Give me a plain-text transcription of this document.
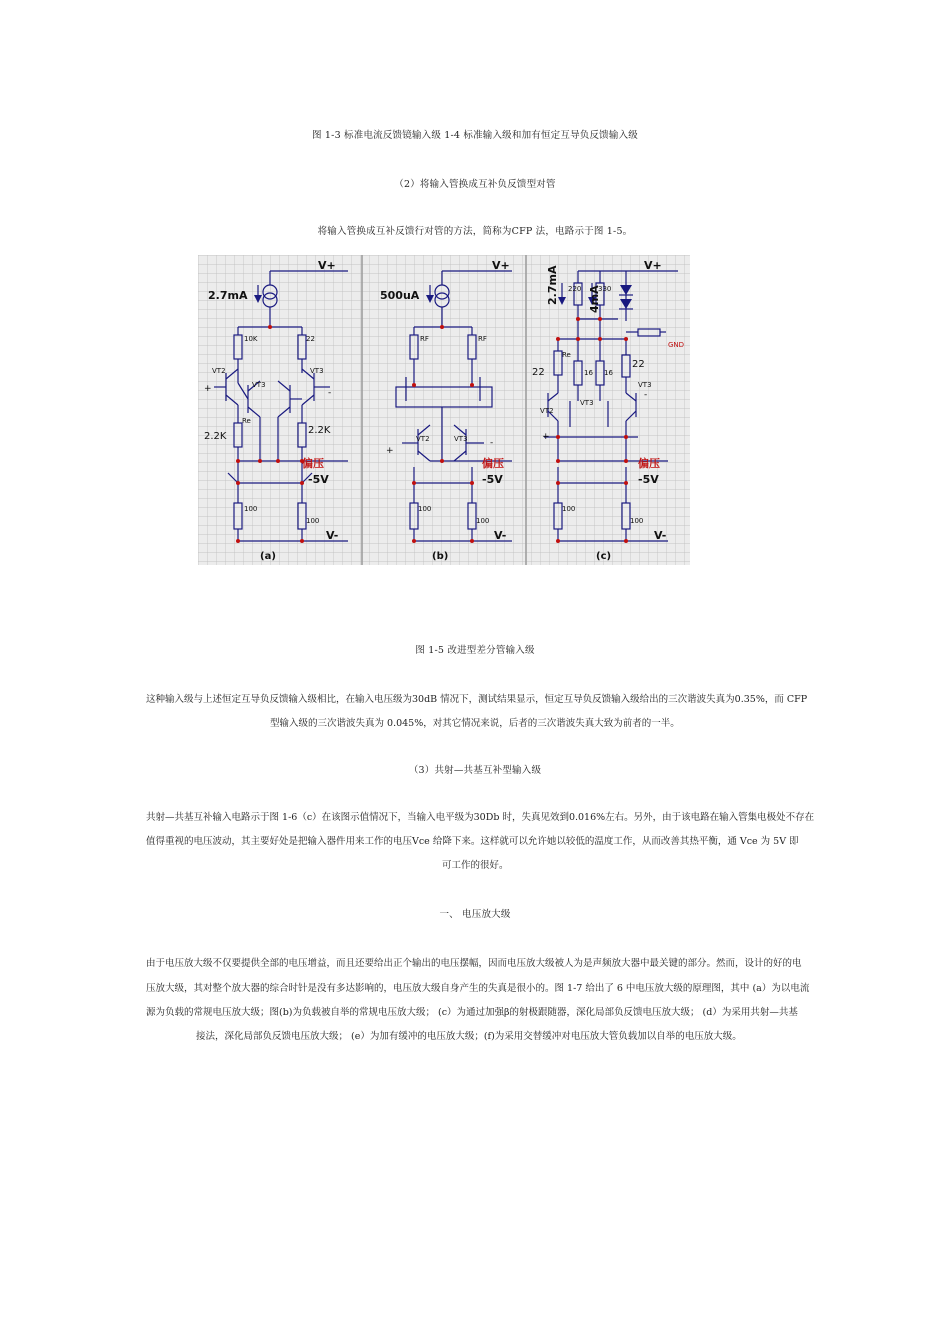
图 1-3 标准电流反馈镜输入级 1-4 标准输入级和加有恒定互导负反馈输入级
（2）将输入管换成互补负反馈型对管
将输入管换成互补反馈行对管的方法，简称为CFP 法，电路示于图 1-5。
V+
2.7mA
偏压
-5V
V-
(a)
10K	22
VT2
VT3
VT3
Re
100
100
+	-
2.2K
2.2K
V+
500uA
偏压
-5V
V-
(b)
RF	RF
VT2	VT3
100
100
+
-
V+
偏压
-5V
V-
(c)
2.7mA	4mA
220 330
Re
16 16
VT2
VT3
VT3
100
100
+
-
GND
22
22
图 1-5 改进型差分管输入级
这种输入级与上述恒定互导负反馈输入级相比，在输入电压级为30dB 情况下，测试结果显示，恒定互导负反馈输入级给出的三次谐波失真为0.35%，而 CFP
型输入级的三次谐波失真为 0.045%，对其它情况来说，后者的三次谐波失真大致为前者的一半。
（3）共射—共基互补型输入级
共射—共基互补输入电路示于图 1-6（c）在该图示值情况下，当输入电平级为30Db 时，失真见效到0.016%左右。另外，由于该电路在输入管集电极处不存在
值得重视的电压波动，其主要好处是把输入器件用来工作的电压Vce 给降下来。这样就可以允许她以较低的温度工作，从而改善其热平衡，通 Vce 为 5V 即
可工作的很好。
一、 电压放大级
由于电压放大级不仅要提供全部的电压增益，而且还要给出正个输出的电压摆幅，因而电压放大级被人为是声频放大器中最关键的部分。然而，设计的好的电
压放大级，其对整个放大器的综合时针是没有多达影响的，电压放大级自身产生的失真是很小的。图 1-7 给出了 6 中电压放大级的原理图，其中 (a）为以电流
源为负载的常规电压放大级；图(b)为负载被自举的常规电压放大级； (c）为通过加强β的射极跟随器，深化局部负反馈电压放大级； (d）为采用共射—共基
接法，深化局部负反馈电压放大级； (e）为加有缓冲的电压放大级；(f)为采用交替缓冲对电压放大管负载加以自举的电压放大级。
